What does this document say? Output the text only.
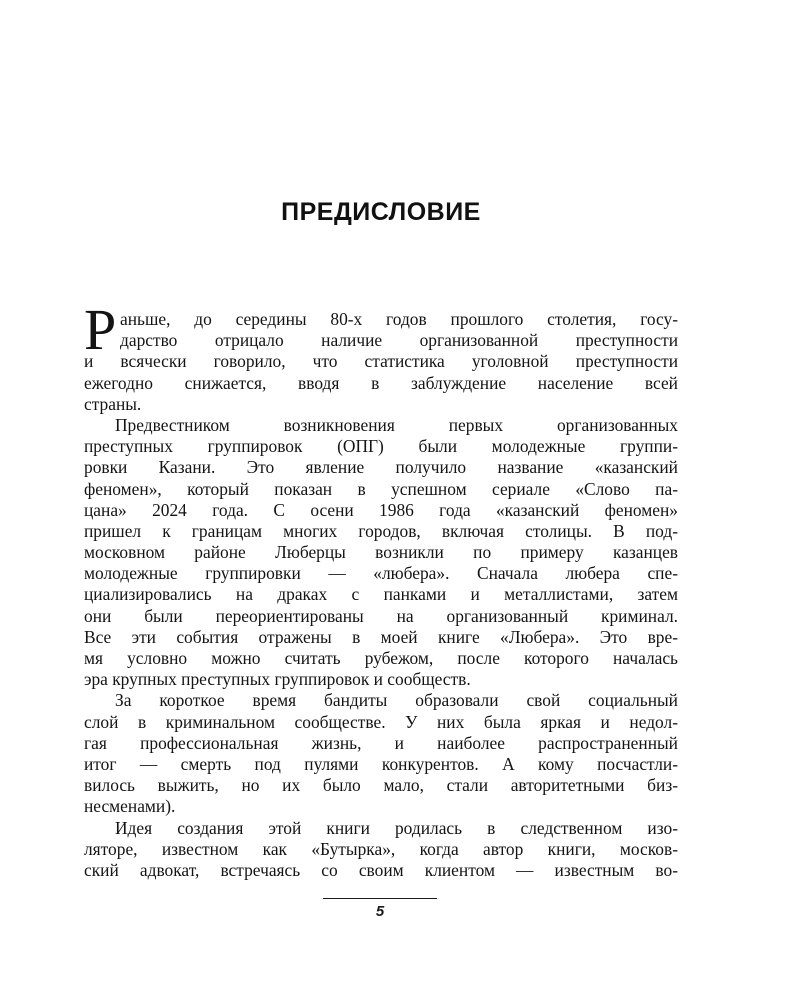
ПРЕДИСЛОВИЕ
Р аньше, до середины 80-х годов прошлого столетия, госу-
дарство отрицало наличие организованной преступности
и всячески говорило, что статистика уголовной преступности
ежегодно снижается, вводя в заблуждение население всей
страны.
Предвестником возникновения первых организованных
преступных группировок (ОПГ) были молодежные группи-
ровки Казани. Это явление получило название «казанский
феномен», который показан в успешном сериале «Слово па-
цана» 2024 года. С осени 1986 года «казанский феномен»
пришел к границам многих городов, включая столицы. В под-
московном районе Люберцы возникли по примеру казанцев
молодежные группировки — «люберa». Сначала люберa спе-
циализировались на драках с панками и металлистами, затем
они были переориентированы на организованный криминал.
Все эти события отражены в моей книге «Люберa». Это вре-
мя условно можно считать рубежом, после которого началась
эра крупных преступных группировок и сообществ.
За короткое время бандиты образовали свой социальный
слой в криминальном сообществе. У них была яркая и недол-
гая профессиональная жизнь, и наиболее распространенный
итог — смерть под пулями конкурентов. А кому посчастли-
вилось выжить, но их было мало, стали авторитетными биз-
несменами).
Идея создания этой книги родилась в следственном изо-
ляторе, известном как «Бутырка», когда автор книги, москов-
ский адвокат, встречаясь со своим клиентом — известным во-
5
